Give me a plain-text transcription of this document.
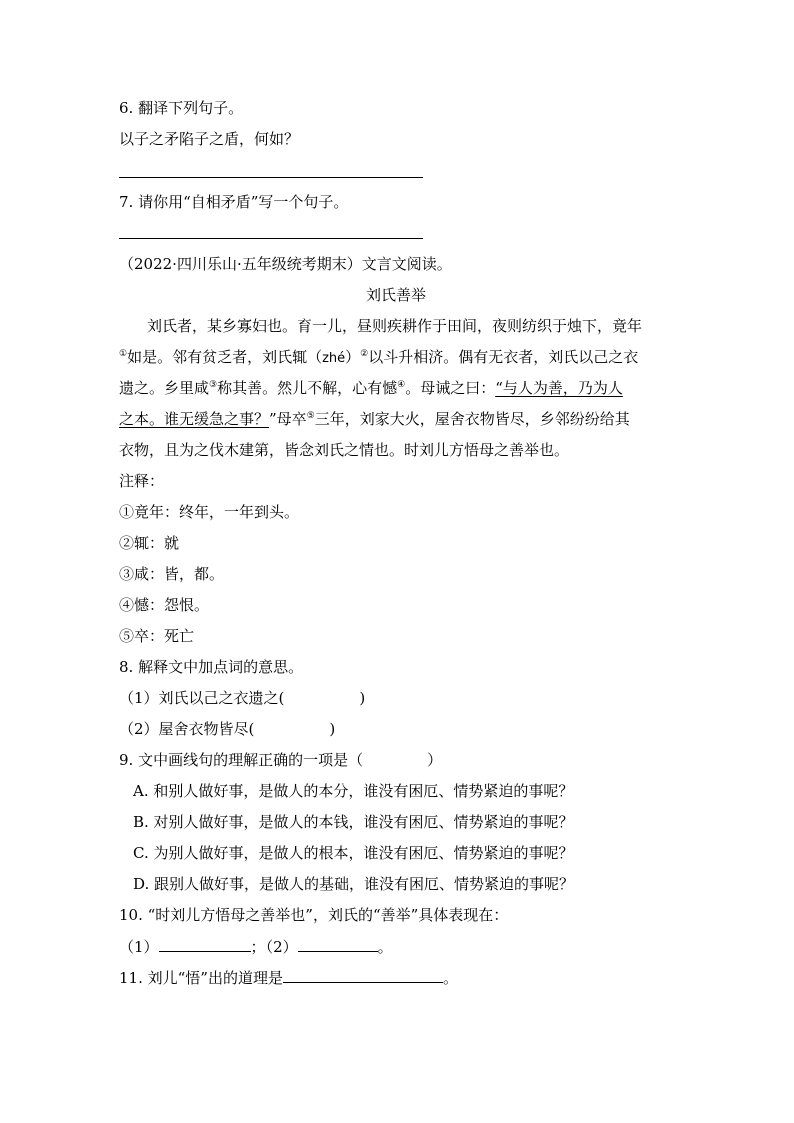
6. 翻译下列句子。
以子之矛陷子之盾，何如？
7. 请你用“自相矛盾”写一个句子。
（2022·四川乐山·五年级统考期末）文言文阅读。
刘氏善举
刘氏者，某乡寡妇也。育一儿，昼则疾耕作于田间，夜则纺织于烛下，竟年
①如是。邻有贫乏者，刘氏辄（zhé）②以斗升相济。偶有无衣者，刘氏以己之衣
遗之。乡里咸③称其善。然儿不解，心有憾④。母诫之曰：“与人为善，乃为人
之本。谁无缓急之事？”母卒⑤三年，刘家大火，屋舍衣物皆尽，乡邻纷纷给其
衣物，且为之伐木建第，皆念刘氏之情也。时刘儿方悟母之善举也。
注释：
①竟年：终年，一年到头。
②辄：就
③咸：皆，都。
④憾：怨恨。
⑤卒：死亡
8. 解释文中加点词的意思。
（1）刘氏以己之衣遗之(	)
（2）屋舍衣物皆尽(	)
9. 文中画线句的理解正确的一项是（	）
A. 和别人做好事，是做人的本分，谁没有困厄、情势紧迫的事呢？
B. 对别人做好事，是做人的本钱，谁没有困厄、情势紧迫的事呢？
C. 为别人做好事，是做人的根本，谁没有困厄、情势紧迫的事呢？
D. 跟别人做好事，是做人的基础，谁没有困厄、情势紧迫的事呢？
10. “时刘儿方悟母之善举也”，刘氏的“善举”具体表现在：
（1）	；（2）	。
11. 刘儿“悟”出的道理是	。
